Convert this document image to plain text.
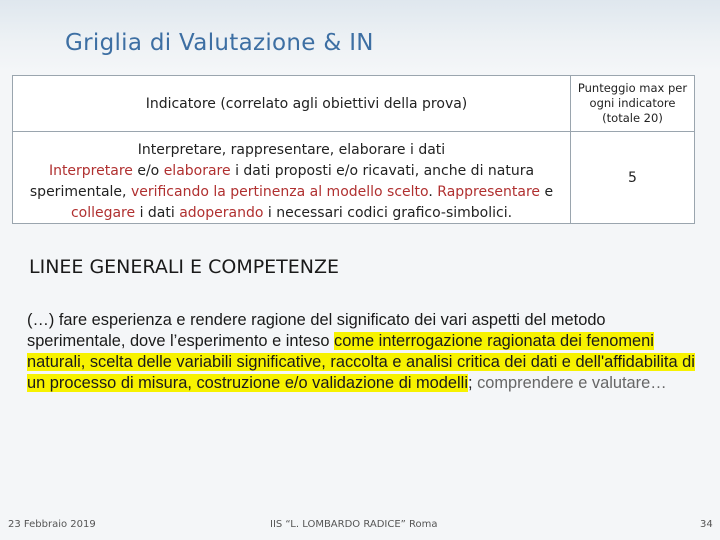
Griglia di Valutazione & IN
Indicatore (correlato agli obiettivi della prova)
Punteggio max per ogni indicatore (totale 20)
Interpretare, rappresentare, elaborare i dati
Interpretare e/o elaborare i dati proposti e/o ricavati, anche di natura sperimentale, verificando la pertinenza al modello scelto. Rappresentare e collegare i dati adoperando i necessari codici grafico-simbolici.
5
LINEE GENERALI E COMPETENZE
(…) fare esperienza e rendere ragione del significato dei vari aspetti del metodo sperimentale, dove l’esperimento e inteso come interrogazione ragionata dei fenomeni naturali, scelta delle variabili significative, raccolta e analisi critica dei dati e dell'affidabilita di un processo di misura, costruzione e/o validazione di modelli; comprendere e valutare…
23 Febbraio 2019	IIS “L. LOMBARDO RADICE” Roma	34
